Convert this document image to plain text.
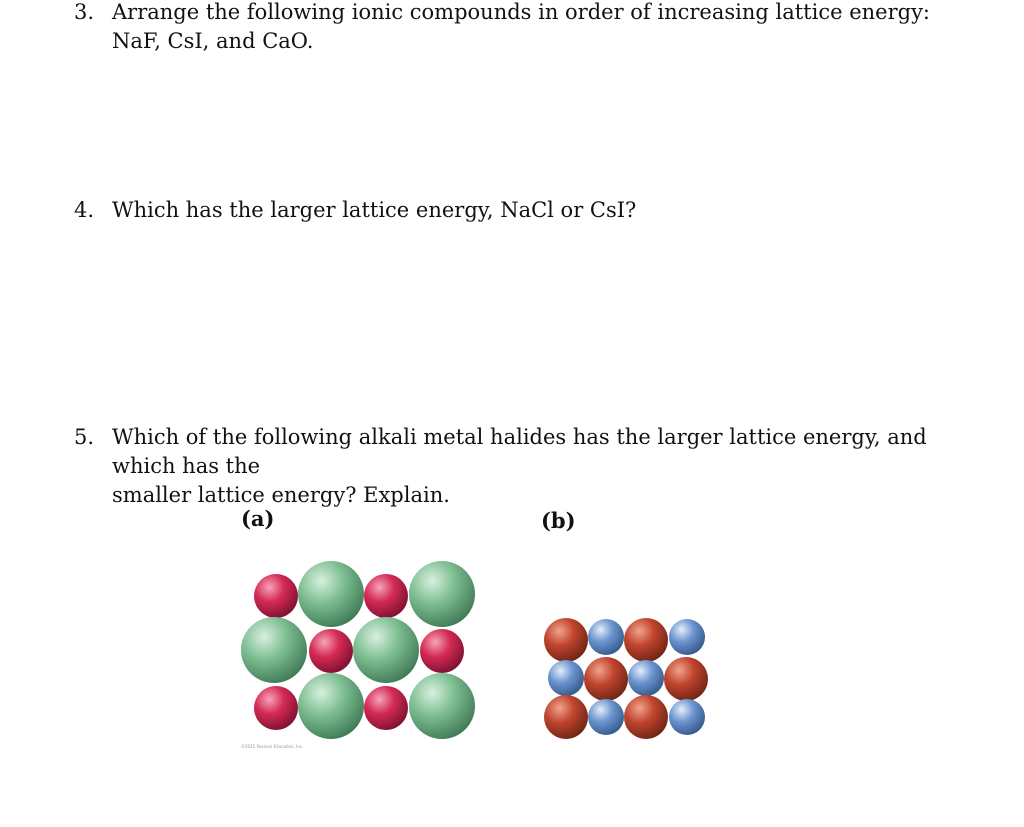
3. Arrange the following ionic compounds in order of increasing lattice energy:
NaF, CsI, and CaO.
4. Which has the larger lattice energy, NaCl or CsI?
5. Which of the following alkali metal halides has the larger lattice energy, and
which has the
smaller lattice energy? Explain.
(a)	(b)
©2012 Pearson Education, Inc.
